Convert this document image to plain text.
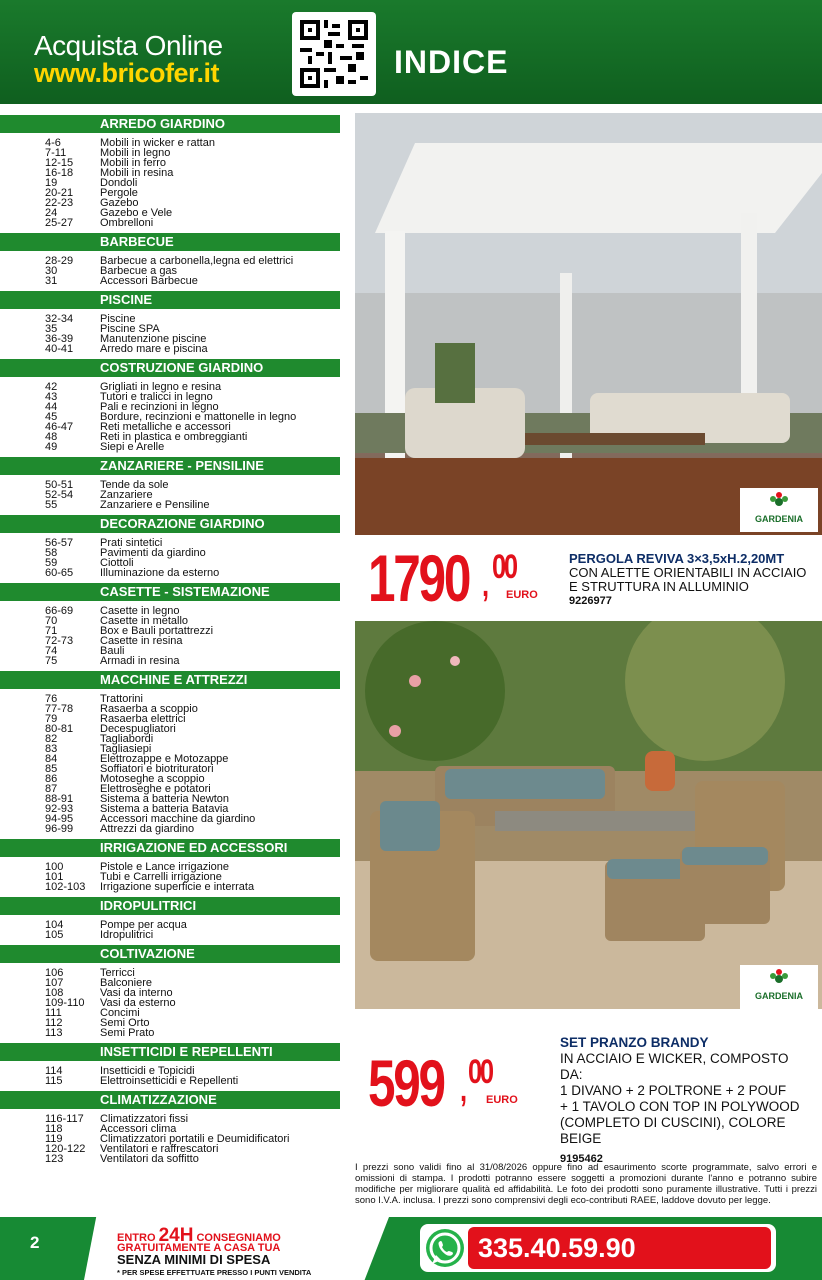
Acquista Online
www.bricofer.it	INDICE
ARREDO GIARDINO
4-6	Mobili in wicker e rattan
7-11	Mobili in legno
12-15 Mobili in ferro
16-18 Mobili in resina
19	Dondoli
20-21 Pergole
22-23 Gazebo
24	Gazebo e Vele
25-27 Ombrelloni
BARBECUE
28-29 Barbecue a carbonella,legna ed elettrici
30	Barbecue a gas
31	Accessori Barbecue
PISCINE
32-34 Piscine
35	Piscine SPA
36-39 Manutenzione piscine
40-41 Arredo mare e piscina
COSTRUZIONE GIARDINO
42	Grigliati in legno e resina
43	Tutori e tralicci in legno
44	Pali e recinzioni in legno
45	Bordure, recinzioni e mattonelle in legno
46-47 Reti metalliche e accessori
48	Reti in plastica e ombreggianti
49	Siepi e Arelle
ZANZARIERE - PENSILINE
50-51 Tende da sole
52-54 Zanzariere
55	Zanzariere e Pensiline
DECORAZIONE GIARDINO
56-57 Prati sintetici
58	Pavimenti da giardino
59	Ciottoli
60-65 Illuminazione da esterno
CASETTE - SISTEMAZIONE
66-69 Casette in legno
70	Casette in metallo
71	Box e Bauli portattrezzi
72-73 Casette in resina
74	Bauli
75	Armadi in resina
MACCHINE E ATTREZZI
76	Trattorini
77-78 Rasaerba a scoppio
79	Rasaerba elettrici
80-81 Decespugliatori
82	Tagliabordi
83	Tagliasiepi
84	Elettrozappe e Motozappe
85	Soffiatori e biotrituratori
86	Motoseghe a scoppio
87	Elettroseghe e potatori
88-91 Sistema a batteria Newton
92-93 Sistema a batteria Batavia
94-95 Accessori macchine da giardino
96-99 Attrezzi da giardino
IRRIGAZIONE ED ACCESSORI
100	Pistole e Lance irrigazione
101	Tubi e Carrelli irrigazione
102-103 Irrigazione superficie e interrata
IDROPULITRICI
104	Pompe per acqua
105	Idropulitrici
COLTIVAZIONE
106	Terricci
107	Balconiere
108	Vasi da interno
109-110 Vasi da esterno
111	Concimi
112	Semi Orto
113	Semi Prato
INSETTICIDI E REPELLENTI
114	Insetticidi e Topicidi
115	Elettroinsetticidi e Repellenti
CLIMATIZZAZIONE
116-117 Climatizzatori fissi
118	Accessori clima
119	Climatizzatori portatili e Deumidificatori
120-122 Ventilatori e raffrescatori
123	Ventilatori da soffitto
GARDENIA
1790 00
, EURO
PERGOLA REVIVA 3×3,5xH.2,20MT
CON ALETTE ORIENTABILI IN ACCIAIO
E STRUTTURA IN ALLUMINIO
9226977
GARDENIA
599 00
, EURO
SET PRANZO BRANDY
IN ACCIAIO E WICKER, COMPOSTO DA:
1 DIVANO + 2 POLTRONE + 2 POUF
+ 1 TAVOLO CON TOP IN POLYWOOD
(COMPLETO DI CUSCINI), COLORE BEIGE
9195462
I prezzi sono validi fino al 31/08/2026 oppure fino ad esaurimento scorte programmate, salvo errori e omissioni di stampa. I prodotti potranno essere soggetti a promozioni durante l'anno e potranno subire modifiche per migliorare qualità ed affidabilità. Le foto dei prodotti sono puramente illustrative. Tutti i prezzi sono I.V.A. inclusa. I prezzi sono comprensivi degli eco-contributi RAEE, laddove dovuto per legge.
2	ENTRO 24H CONSEGNIAMO
GRATUITAMENTE A CASA TUA
SENZA MINIMI DI SPESA
* PER SPESE EFFETTUATE PRESSO I PUNTI VENDITA
335.40.59.90
